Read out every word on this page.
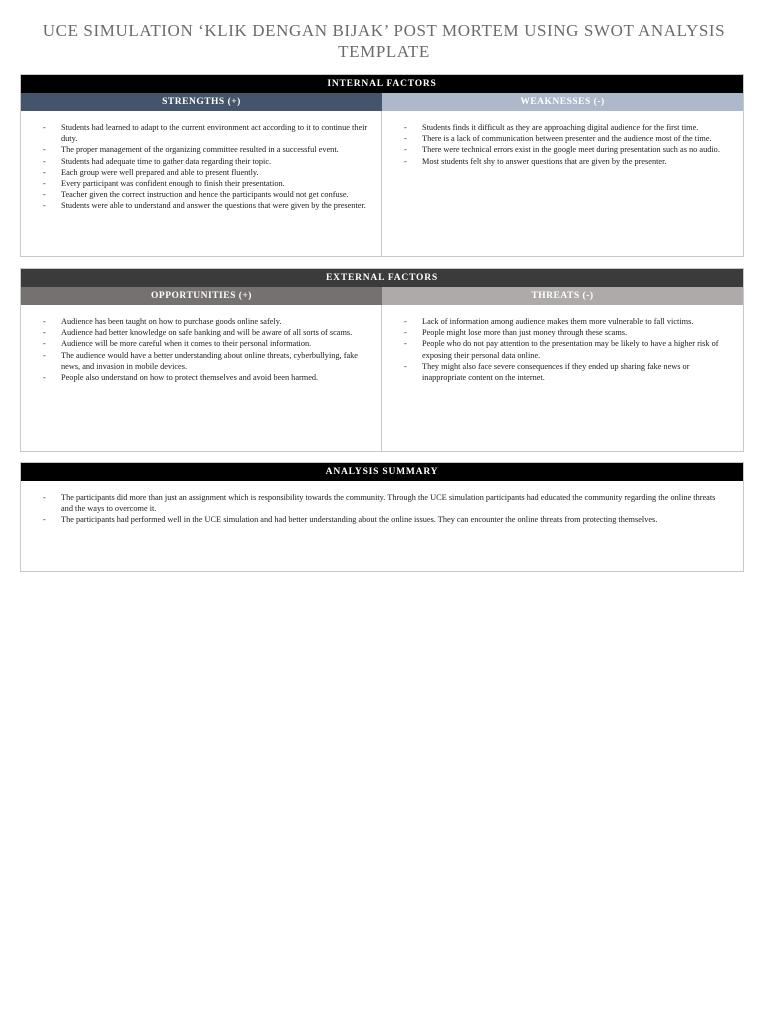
UCE SIMULATION ‘KLIK DENGAN BIJAK’ POST MORTEM USING SWOT ANALYSIS TEMPLATE
INTERNAL FACTORS
STRENGTHS (+)	WEAKNESSES (-)
- Students had learned to adapt to the current environment act according to it to continue their duty.
- The proper management of the organizing committee resulted in a successful event.
- Students had adequate time to gather data regarding their topic.
- Each group were well prepared and able to present fluently.
- Every participant was confident enough to finish their presentation.
- Teacher given the correct instruction and hence the participants would not get confuse.
- Students were able to understand and answer the questions that were given by the presenter.
- Students finds it difficult as they are approaching digital audience for the first time.
- There is a lack of communication between presenter and the audience most of the time.
- There were technical errors exist in the google meet during presentation such as no audio.
- Most students felt shy to answer questions that are given by the presenter.
EXTERNAL FACTORS
OPPORTUNITIES (+)	THREATS (-)
- Audience has been taught on how to purchase goods online safely.
- Audience had better knowledge on safe banking and will be aware of all sorts of scams.
- Audience will be more careful when it comes to their personal information.
- The audience would have a better understanding about online threats, cyberbullying, fake news, and invasion in mobile devices.
- People also understand on how to protect themselves and avoid been harmed.
- Lack of information among audience makes them more vulnerable to fall victims.
- People might lose more than just money through these scams.
- People who do not pay attention to the presentation may be likely to have a higher risk of exposing their personal data online.
- They might also face severe consequences if they ended up sharing fake news or inappropriate content on the internet.
ANALYSIS SUMMARY
- The participants did more than just an assignment which is responsibility towards the community. Through the UCE simulation participants had educated the community regarding the online threats and the ways to overcome it.
- The participants had performed well in the UCE simulation and had better understanding about the online issues. They can encounter the online threats from protecting themselves.
